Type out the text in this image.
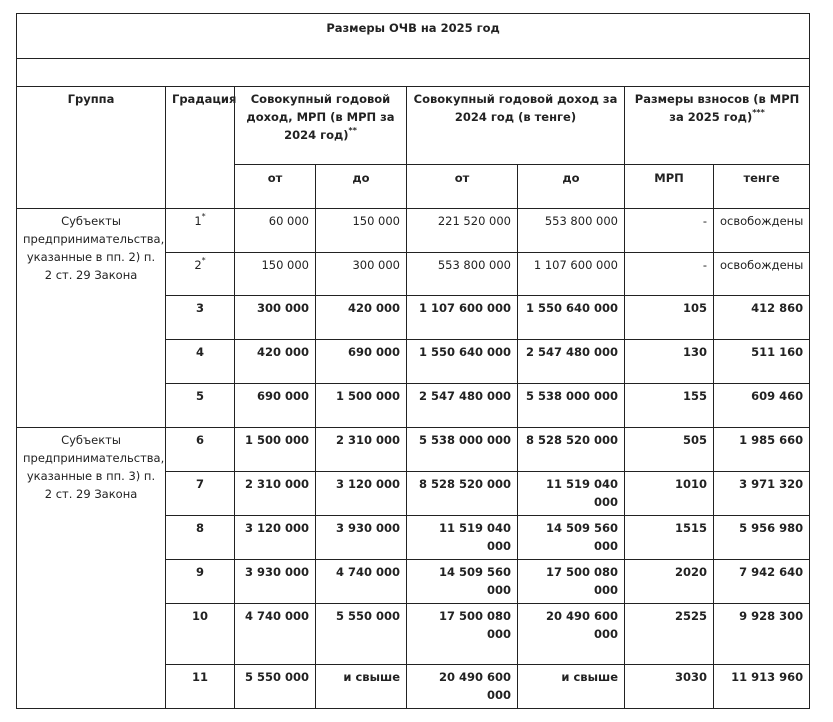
Размеры ОЧВ на 2025 год							

Группа	Градация	Совокупный годовой доход, МРП (в МРП за 2024 год)**		Совокупный годовой доход за 2024 год (в тенге)		Размеры взносов (в МРП за 2025 год)***
		от	до	от	до	МРП	тенге
Субъекты предпринимательства, указанные в пп. 2) п. 2 ст. 29 Закона	1*	60 000	150 000	221 520 000	553 800 000	-	освобождены
	2*	150 000	300 000	553 800 000	1 107 600 000	-	освобождены
	3	300 000	420 000	1 107 600 000	1 550 640 000	105	412 860
	4	420 000	690 000	1 550 640 000	2 547 480 000	130	511 160
	5	690 000	1 500 000	2 547 480 000	5 538 000 000	155	609 460
Субъекты предпринимательства, указанные в пп. 3) п. 2 ст. 29 Закона	6	1 500 000	2 310 000	5 538 000 000	8 528 520 000	505	1 985 660
	7	2 310 000	3 120 000	8 528 520 000	11 519 040 000	1010	3 971 320
	8	3 120 000	3 930 000	11 519 040 000	14 509 560 000	1515	5 956 980
	9	3 930 000	4 740 000	14 509 560 000	17 500 080 000	2020	7 942 640
	10	4 740 000	5 550 000	17 500 080 000	20 490 600 000	2525	9 928 300
	11	5 550 000	и свыше	20 490 600 000	и свыше	3030	11 913 960
